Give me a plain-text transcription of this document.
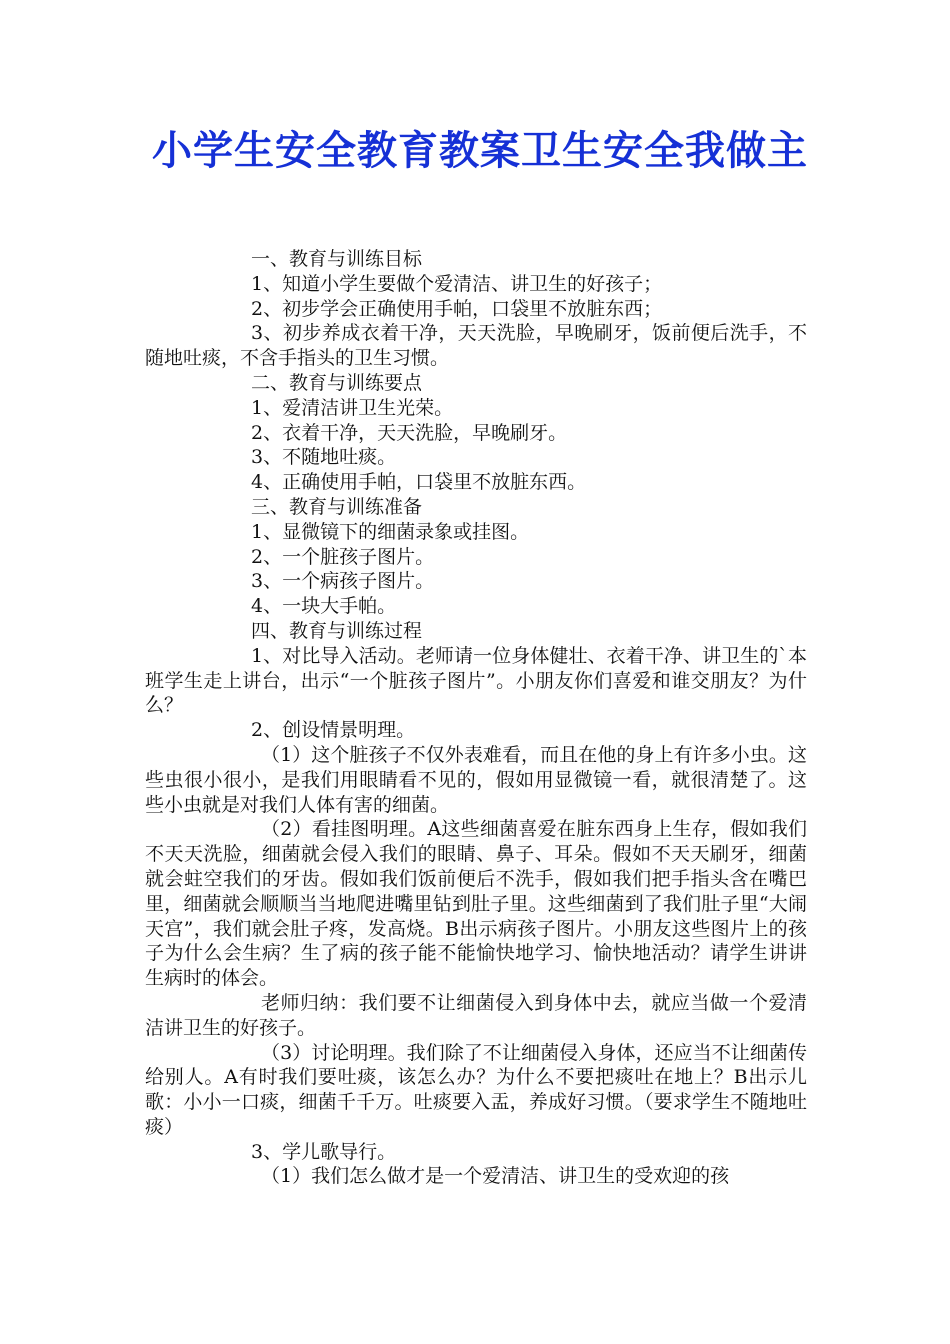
小学生安全教育教案卫生安全我做主

一、教育与训练目标

1、知道小学生要做个爱清洁、讲卫生的好孩子；

2、初步学会正确使用手帕，口袋里不放脏东西；

3、初步养成衣着干净，天天洗脸，早晚刷牙，饭前便后洗手，不随地吐痰，不含手指头的卫生习惯。

二、教育与训练要点

1、爱清洁讲卫生光荣。

2、衣着干净，天天洗脸，早晚刷牙。

3、不随地吐痰。

4、正确使用手帕，口袋里不放脏东西。

三、教育与训练准备

1、显微镜下的细菌录象或挂图。

2、一个脏孩子图片。

3、一个病孩子图片。

4、一块大手帕。

四、教育与训练过程

1、对比导入活动。老师请一位身体健壮、衣着干净、讲卫生的`本班学生走上讲台，出示“一个脏孩子图片”。小朋友你们喜爱和谁交朋友？为什么？

2、创设情景明理。

（1）这个脏孩子不仅外表难看，而且在他的身上有许多小虫。这些虫很小很小，是我们用眼睛看不见的，假如用显微镜一看，就很清楚了。这些小虫就是对我们人体有害的细菌。

（2）看挂图明理。A这些细菌喜爱在脏东西身上生存，假如我们不天天洗脸，细菌就会侵入我们的眼睛、鼻子、耳朵。假如不天天刷牙，细菌就会蛀空我们的牙齿。假如我们饭前便后不洗手，假如我们把手指头含在嘴巴里，细菌就会顺顺当当地爬进嘴里钻到肚子里。这些细菌到了我们肚子里“大闹天宫”，我们就会肚子疼，发高烧。B出示病孩子图片。小朋友这些图片上的孩子为什么会生病？生了病的孩子能不能愉快地学习、愉快地活动？请学生讲讲生病时的体会。

老师归纳：我们要不让细菌侵入到身体中去，就应当做一个爱清洁讲卫生的好孩子。

（3）讨论明理。我们除了不让细菌侵入身体，还应当不让细菌传给别人。A有时我们要吐痰，该怎么办？为什么不要把痰吐在地上？B出示儿歌：小小一口痰，细菌千千万。吐痰要入盂，养成好习惯。（要求学生不随地吐痰）

3、学儿歌导行。

（1）我们怎么做才是一个爱清洁、讲卫生的受欢迎的孩
